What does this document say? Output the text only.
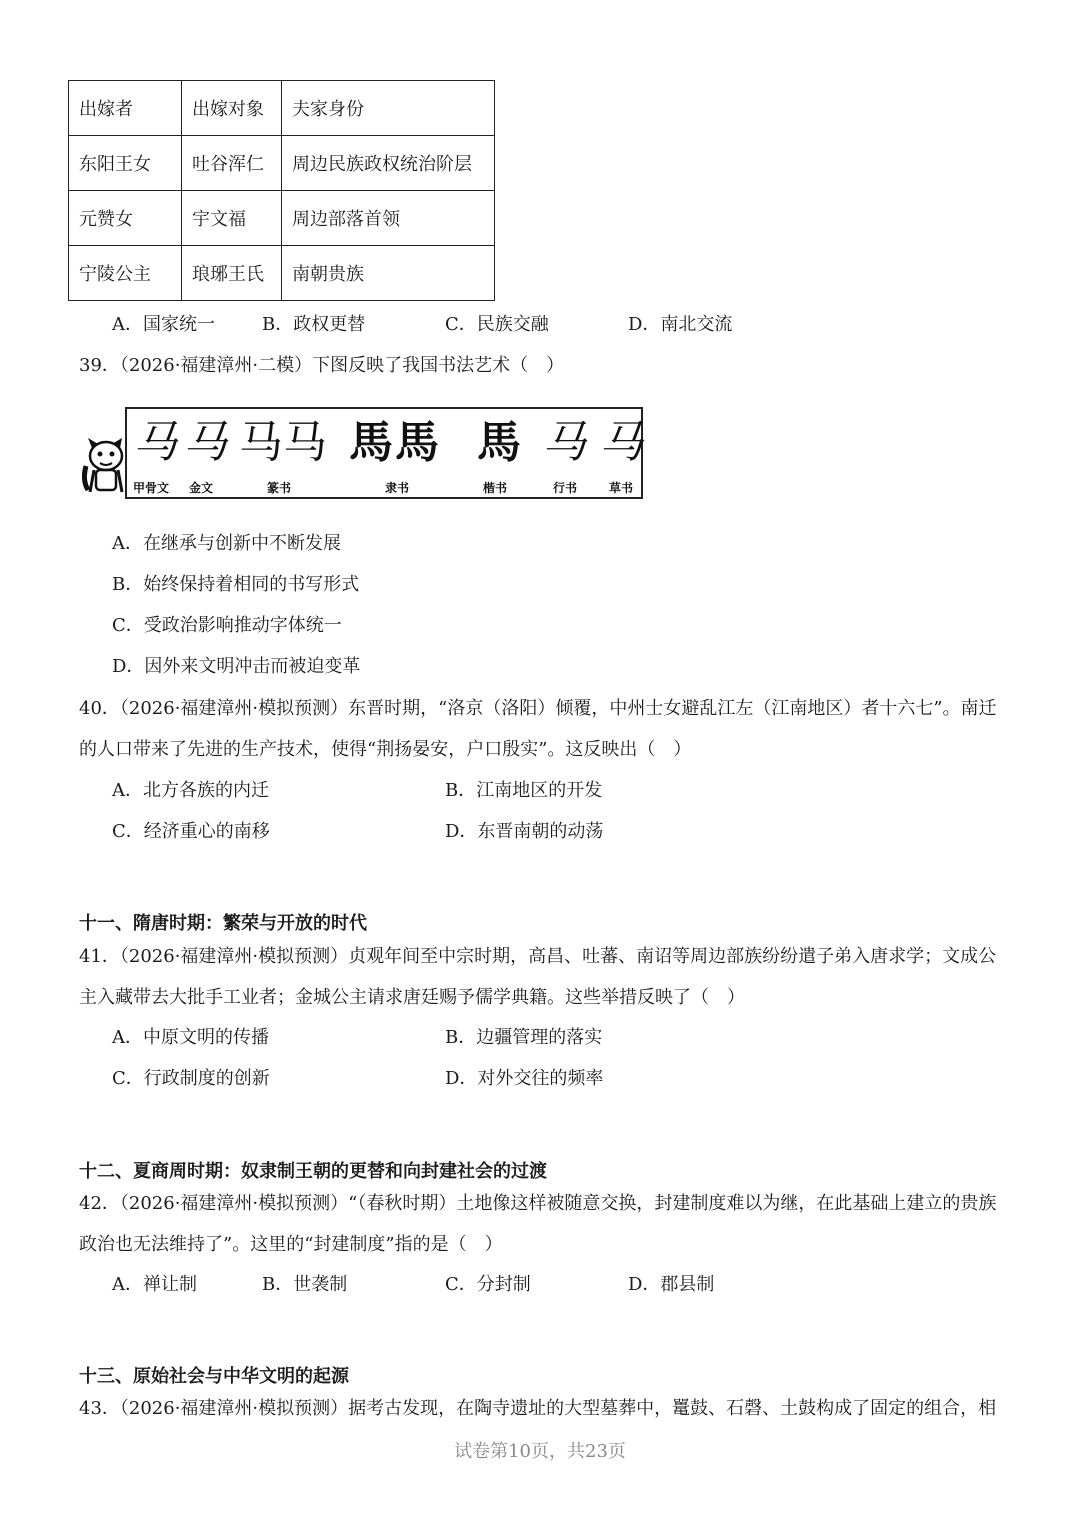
出嫁者	出嫁对象	夫家身份
东阳王女	吐谷浑仁	周边民族政权统治阶层
元赞女	宇文福	周边部落首领
宁陵公主	琅琊王氏	南朝贵族
A．国家统一	B．政权更替	C．民族交融	D．南北交流
39．（2026·福建漳州·二模）下图反映了我国书法艺术（　）
马 马 马 马 馬 馬 馬 马 马
甲骨文 金文	篆书	隶书	楷书	行书	草书
A．在继承与创新中不断发展
B．始终保持着相同的书写形式
C．受政治影响推动字体统一
D．因外来文明冲击而被迫变革
40．（2026·福建漳州·模拟预测）东晋时期，“洛京（洛阳）倾覆，中州士女避乱江左（江南地区）者十六七”。南迁的人口带来了先进的生产技术，使得“荆扬晏安，户口殷实”。这反映出（　）
A．北方各族的内迁	B．江南地区的开发
C．经济重心的南移	D．东晋南朝的动荡
十一、隋唐时期：繁荣与开放的时代
41．（2026·福建漳州·模拟预测）贞观年间至中宗时期，高昌、吐蕃、南诏等周边部族纷纷遣子弟入唐求学；文成公主入藏带去大批手工业者；金城公主请求唐廷赐予儒学典籍。这些举措反映了（　）
A．中原文明的传播	B．边疆管理的落实
C．行政制度的创新	D．对外交往的频率
十二、夏商周时期：奴隶制王朝的更替和向封建社会的过渡
42．（2026·福建漳州·模拟预测）“（春秋时期）土地像这样被随意交换，封建制度难以为继，在此基础上建立的贵族政治也无法维持了”。这里的“封建制度”指的是（　）
A．禅让制	B．世袭制	C．分封制	D．郡县制
十三、原始社会与中华文明的起源
43．（2026·福建漳州·模拟预测）据考古发现，在陶寺遗址的大型墓葬中，鼍鼓、石磬、土鼓构成了固定的组合，相
试卷第10页，共23页
